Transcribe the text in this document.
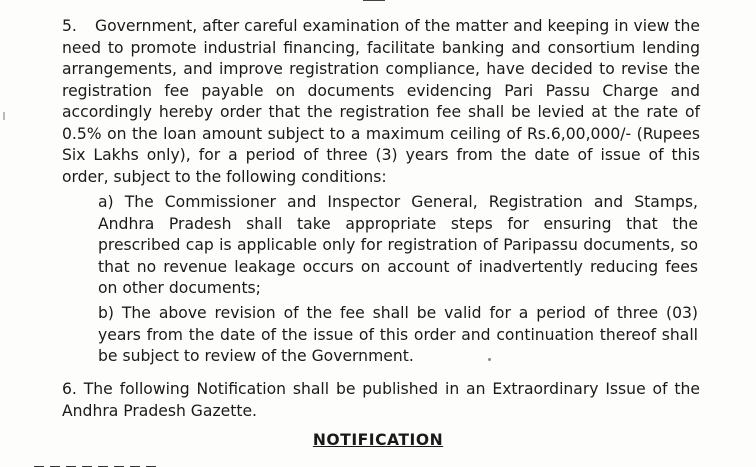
5. Government, after careful examination of the matter and keeping in view the need to promote industrial financing, facilitate banking and consortium lending arrangements, and improve registration compliance, have decided to revise the registration fee payable on documents evidencing Pari Passu Charge and accordingly hereby order that the registration fee shall be levied at the rate of 0.5% on the loan amount subject to a maximum ceiling of Rs.6,00,000/- (Rupees Six Lakhs only), for a period of three (3) years from the date of issue of this order, subject to the following conditions:

a) The Commissioner and Inspector General, Registration and Stamps, Andhra Pradesh shall take appropriate steps for ensuring that the prescribed cap is applicable only for registration of Paripassu documents, so that no revenue leakage occurs on account of inadvertently reducing fees on other documents;

b) The above revision of the fee shall be valid for a period of three (03) years from the date of the issue of this order and continuation thereof shall be subject to review of the Government.

6. The following Notification shall be published in an Extraordinary Issue of the Andhra Pradesh Gazette.

NOTIFICATION
